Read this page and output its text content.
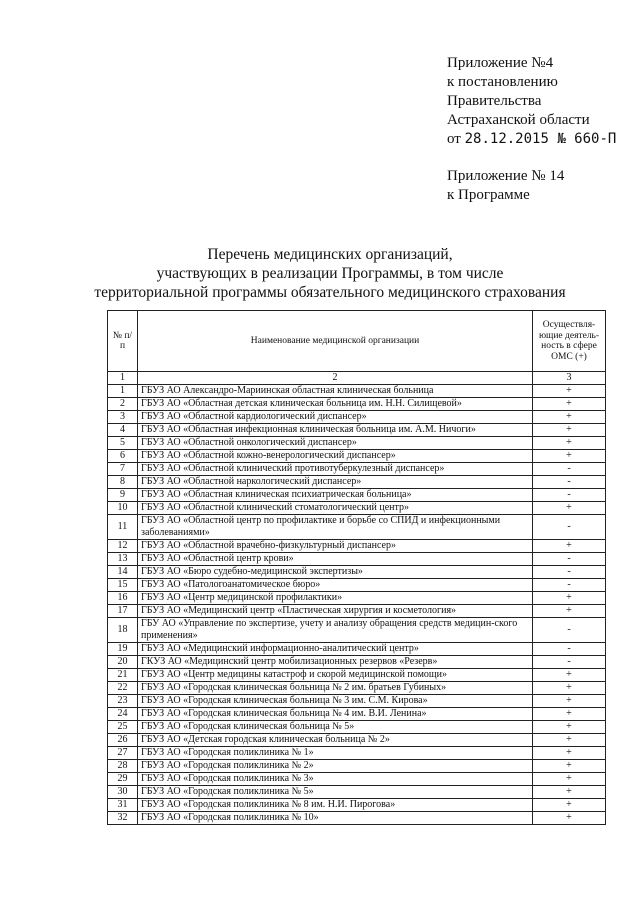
Приложение №4
к постановлению
Правительства
Астраханской области
от 28.12.2015 № 660-П
Приложение № 14
к Программе
Перечень медицинских организаций,
участвующих в реализации Программы, в том числе
территориальной программы обязательного медицинского страхования
№ п/п	Наименование медицинской организации	Осуществля-ющие деятель-ность в сфере ОМС (+)
1	2	3
1	ГБУЗ АО Александро-Мариинская областная клиническая больница	+
2	ГБУЗ АО «Областная детская клиническая больница им. Н.Н. Силищевой»	+
3	ГБУЗ АО «Областной кардиологический диспансер»	+
4	ГБУЗ АО «Областная инфекционная клиническая больница им. А.М. Ничоги»	+
5	ГБУЗ АО «Областной онкологический диспансер»	+
6	ГБУЗ АО «Областной кожно-венерологический диспансер»	+
7	ГБУЗ АО «Областной клинический противотуберкулезный диспансер»	-
8	ГБУЗ АО «Областной наркологический диспансер»	-
9	ГБУЗ АО «Областная клиническая психиатрическая больница»	-
10	ГБУЗ АО «Областной клинический стоматологический центр»	+
11	ГБУЗ АО «Областной центр по профилактике и борьбе со СПИД и инфекционными заболеваниями»	-
12	ГБУЗ АО «Областной врачебно-физкультурный диспансер»	+
13	ГБУЗ АО «Областной центр крови»	-
14	ГБУЗ АО «Бюро судебно-медицинской экспертизы»	-
15	ГБУЗ АО «Патологоанатомическое бюро»	-
16	ГБУЗ АО «Центр медицинской профилактики»	+
17	ГБУЗ АО «Медицинский центр «Пластическая хирургия и косметология»	+
18	ГБУ АО «Управление по экспертизе, учету и анализу обращения средств медицин-ского применения»	-
19	ГБУЗ АО «Медицинский информационно-аналитический центр»	-
20	ГКУЗ АО «Медицинский центр мобилизационных резервов «Резерв»	-
21	ГБУЗ АО «Центр медицины катастроф и скорой медицинской помощи»	+
22	ГБУЗ АО «Городская клиническая больница № 2 им. братьев Губиных»	+
23	ГБУЗ АО «Городская клиническая больница № 3 им. С.М. Кирова»	+
24	ГБУЗ АО «Городская клиническая больница № 4 им. В.И. Ленина»	+
25	ГБУЗ АО «Городская клиническая больница № 5»	+
26	ГБУЗ АО «Детская городская клиническая больница № 2»	+
27	ГБУЗ АО «Городская поликлиника № 1»	+
28	ГБУЗ АО «Городская поликлиника № 2»	+
29	ГБУЗ АО «Городская поликлиника № 3»	+
30	ГБУЗ АО «Городская поликлиника № 5»	+
31	ГБУЗ АО «Городская поликлиника № 8 им. Н.И. Пирогова»	+
32	ГБУЗ АО «Городская поликлиника № 10»	+
